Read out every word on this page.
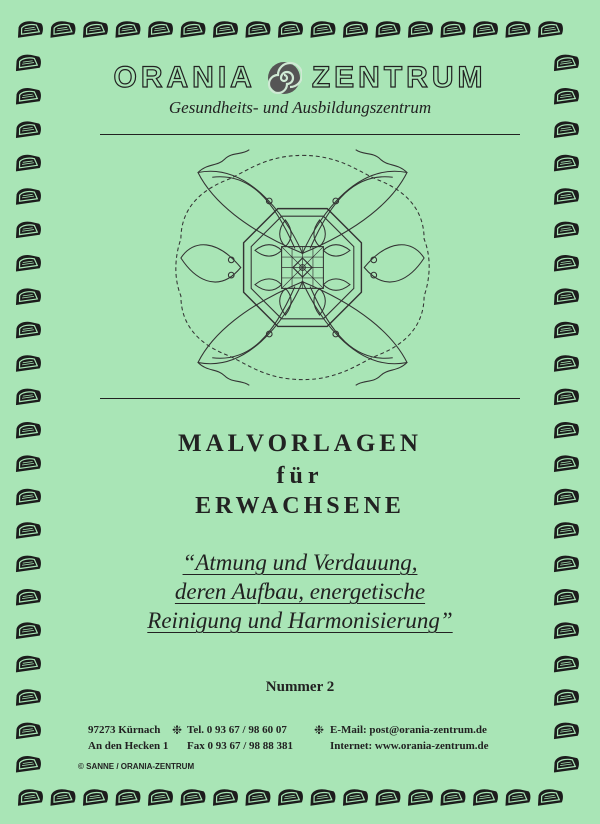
ORANIA ZENTRUM
Gesundheits- und Ausbildungszentrum
MALVORLAGEN
für
ERWACHSENE
“Atmung und Verdauung,
deren Aufbau, energetische
Reinigung und Harmonisierung”
Nummer 2
97273 Kürnach
An den Hecken 1
❉ Tel. 0 93 67 / 98 60 07
Fax 0 93 67 / 98 88 381
❉ E-Mail: post@orania-zentrum.de
Internet: www.orania-zentrum.de
© SANNE / ORANIA-ZENTRUM
